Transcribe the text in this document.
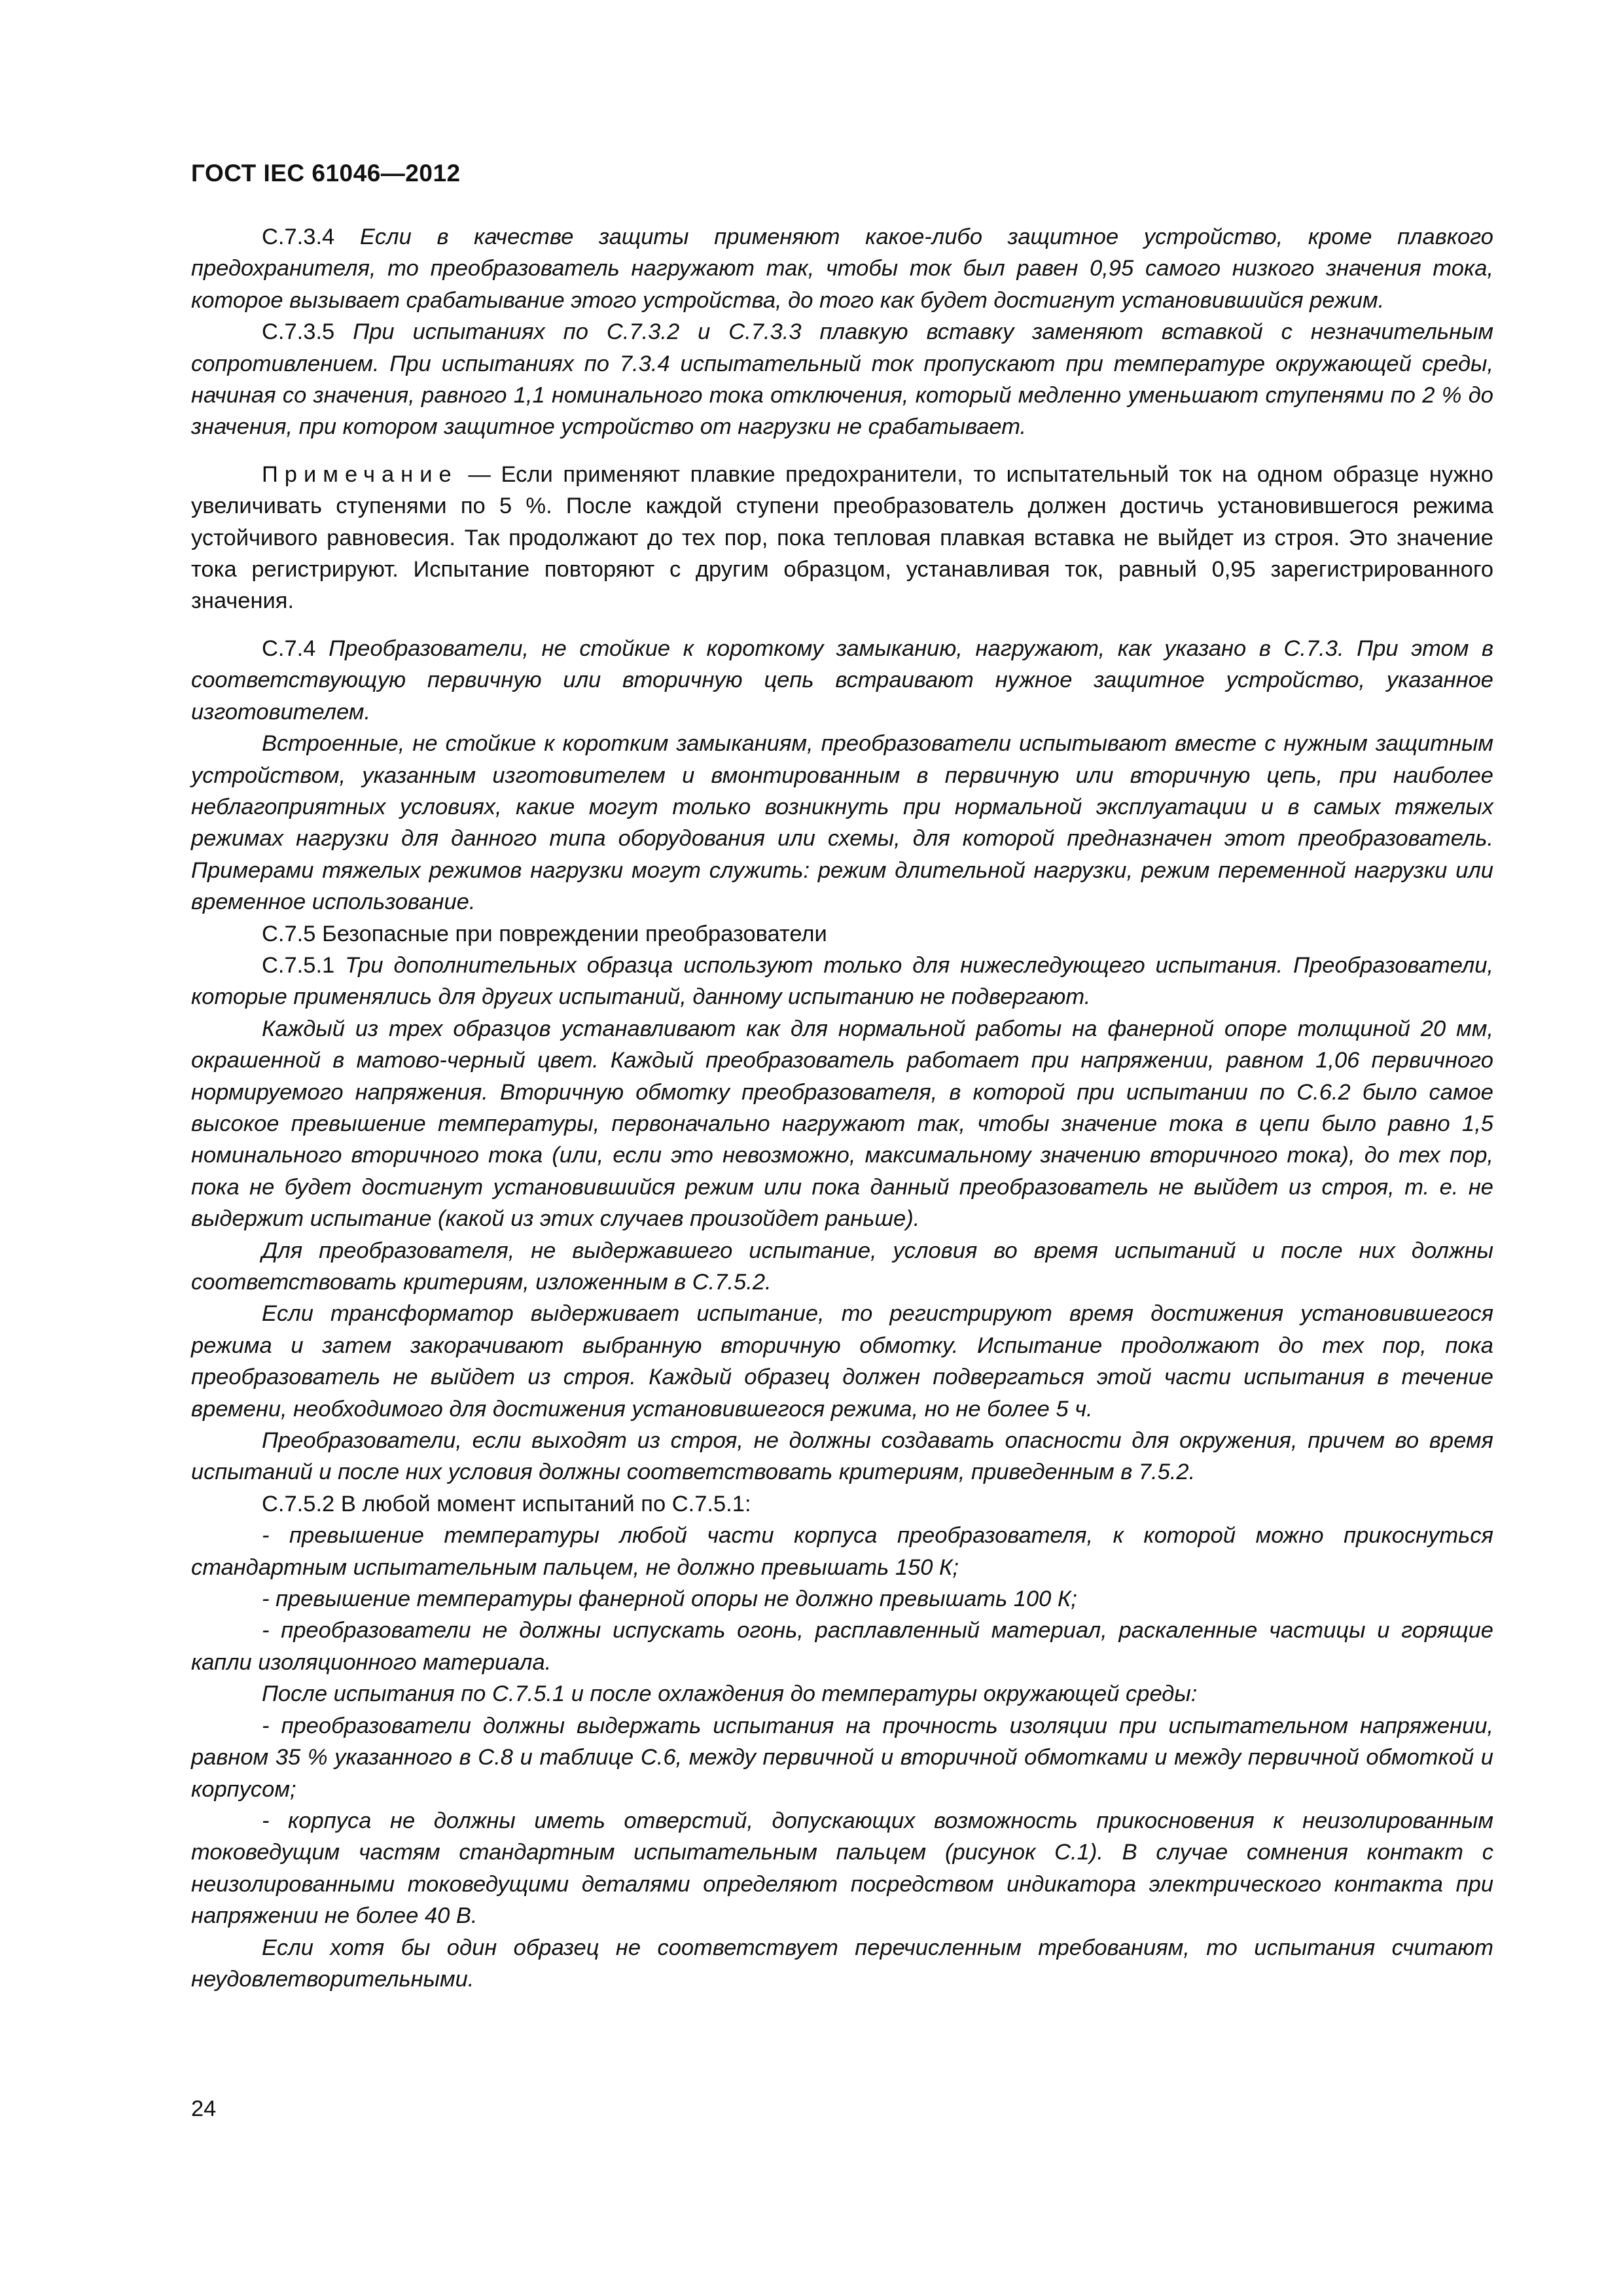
ГОСТ IEC 61046—2012

C.7.3.4 Если в качестве защиты применяют какое-либо защитное устройство, кроме плавкого предохранителя, то преобразователь нагружают так, чтобы ток был равен 0,95 самого низкого значения тока, которое вызывает срабатывание этого устройства, до того как будет достигнут установившийся режим.

C.7.3.5 При испытаниях по С.7.3.2 и С.7.3.3 плавкую вставку заменяют вставкой с незначительным сопротивлением. При испытаниях по 7.3.4 испытательный ток пропускают при температуре окружающей среды, начиная со значения, равного 1,1 номинального тока отключения, который медленно уменьшают ступенями по 2 % до значения, при котором защитное устройство от нагрузки не срабатывает.

Примечание — Если применяют плавкие предохранители, то испытательный ток на одном образце нужно увеличивать ступенями по 5 %. После каждой ступени преобразователь должен достичь установившегося режима устойчивого равновесия. Так продолжают до тех пор, пока тепловая плавкая вставка не выйдет из строя. Это значение тока регистрируют. Испытание повторяют с другим образцом, устанавливая ток, равный 0,95 зарегистрированного значения.

C.7.4 Преобразователи, не стойкие к короткому замыканию, нагружают, как указано в С.7.3. При этом в соответствующую первичную или вторичную цепь встраивают нужное защитное устройство, указанное изготовителем.

Встроенные, не стойкие к коротким замыканиям, преобразователи испытывают вместе с нужным защитным устройством, указанным изготовителем и вмонтированным в первичную или вторичную цепь, при наиболее неблагоприятных условиях, какие могут только возникнуть при нормальной эксплуатации и в самых тяжелых режимах нагрузки для данного типа оборудования или схемы, для которой предназначен этот преобразователь. Примерами тяжелых режимов нагрузки могут служить: режим длительной нагрузки, режим переменной нагрузки или временное использование.

C.7.5 Безопасные при повреждении преобразователи

C.7.5.1 Три дополнительных образца используют только для нижеследующего испытания. Преобразователи, которые применялись для других испытаний, данному испытанию не подвергают.

Каждый из трех образцов устанавливают как для нормальной работы на фанерной опоре толщиной 20 мм, окрашенной в матово-черный цвет. Каждый преобразователь работает при напряжении, равном 1,06 первичного нормируемого напряжения. Вторичную обмотку преобразователя, в которой при испытании по С.6.2 было самое высокое превышение температуры, первоначально нагружают так, чтобы значение тока в цепи было равно 1,5 номинального вторичного тока (или, если это невозможно, максимальному значению вторичного тока), до тех пор, пока не будет достигнут установившийся режим или пока данный преобразователь не выйдет из строя, т. е. не выдержит испытание (какой из этих случаев произойдет раньше).

Для преобразователя, не выдержавшего испытание, условия во время испытаний и после них должны соответствовать критериям, изложенным в С.7.5.2.

Если трансформатор выдерживает испытание, то регистрируют время достижения установившегося режима и затем закорачивают выбранную вторичную обмотку. Испытание продолжают до тех пор, пока преобразователь не выйдет из строя. Каждый образец должен подвергаться этой части испытания в течение времени, необходимого для достижения установившегося режима, но не более 5 ч.

Преобразователи, если выходят из строя, не должны создавать опасности для окружения, причем во время испытаний и после них условия должны соответствовать критериям, приведенным в 7.5.2.

C.7.5.2 В любой момент испытаний по С.7.5.1:

- превышение температуры любой части корпуса преобразователя, к которой можно прикоснуться стандартным испытательным пальцем, не должно превышать 150 К;

- превышение температуры фанерной опоры не должно превышать 100 К;

- преобразователи не должны испускать огонь, расплавленный материал, раскаленные частицы и горящие капли изоляционного материала.

После испытания по С.7.5.1 и после охлаждения до температуры окружающей среды:

- преобразователи должны выдержать испытания на прочность изоляции при испытательном напряжении, равном 35 % указанного в С.8 и таблице С.6, между первичной и вторичной обмотками и между первичной обмоткой и корпусом;

- корпуса не должны иметь отверстий, допускающих возможность прикосновения к неизолированным токоведущим частям стандартным испытательным пальцем (рисунок С.1). В случае сомнения контакт с неизолированными токоведущими деталями определяют посредством индикатора электрического контакта при напряжении не более 40 В.

Если хотя бы один образец не соответствует перечисленным требованиям, то испытания считают неудовлетворительными.

24
